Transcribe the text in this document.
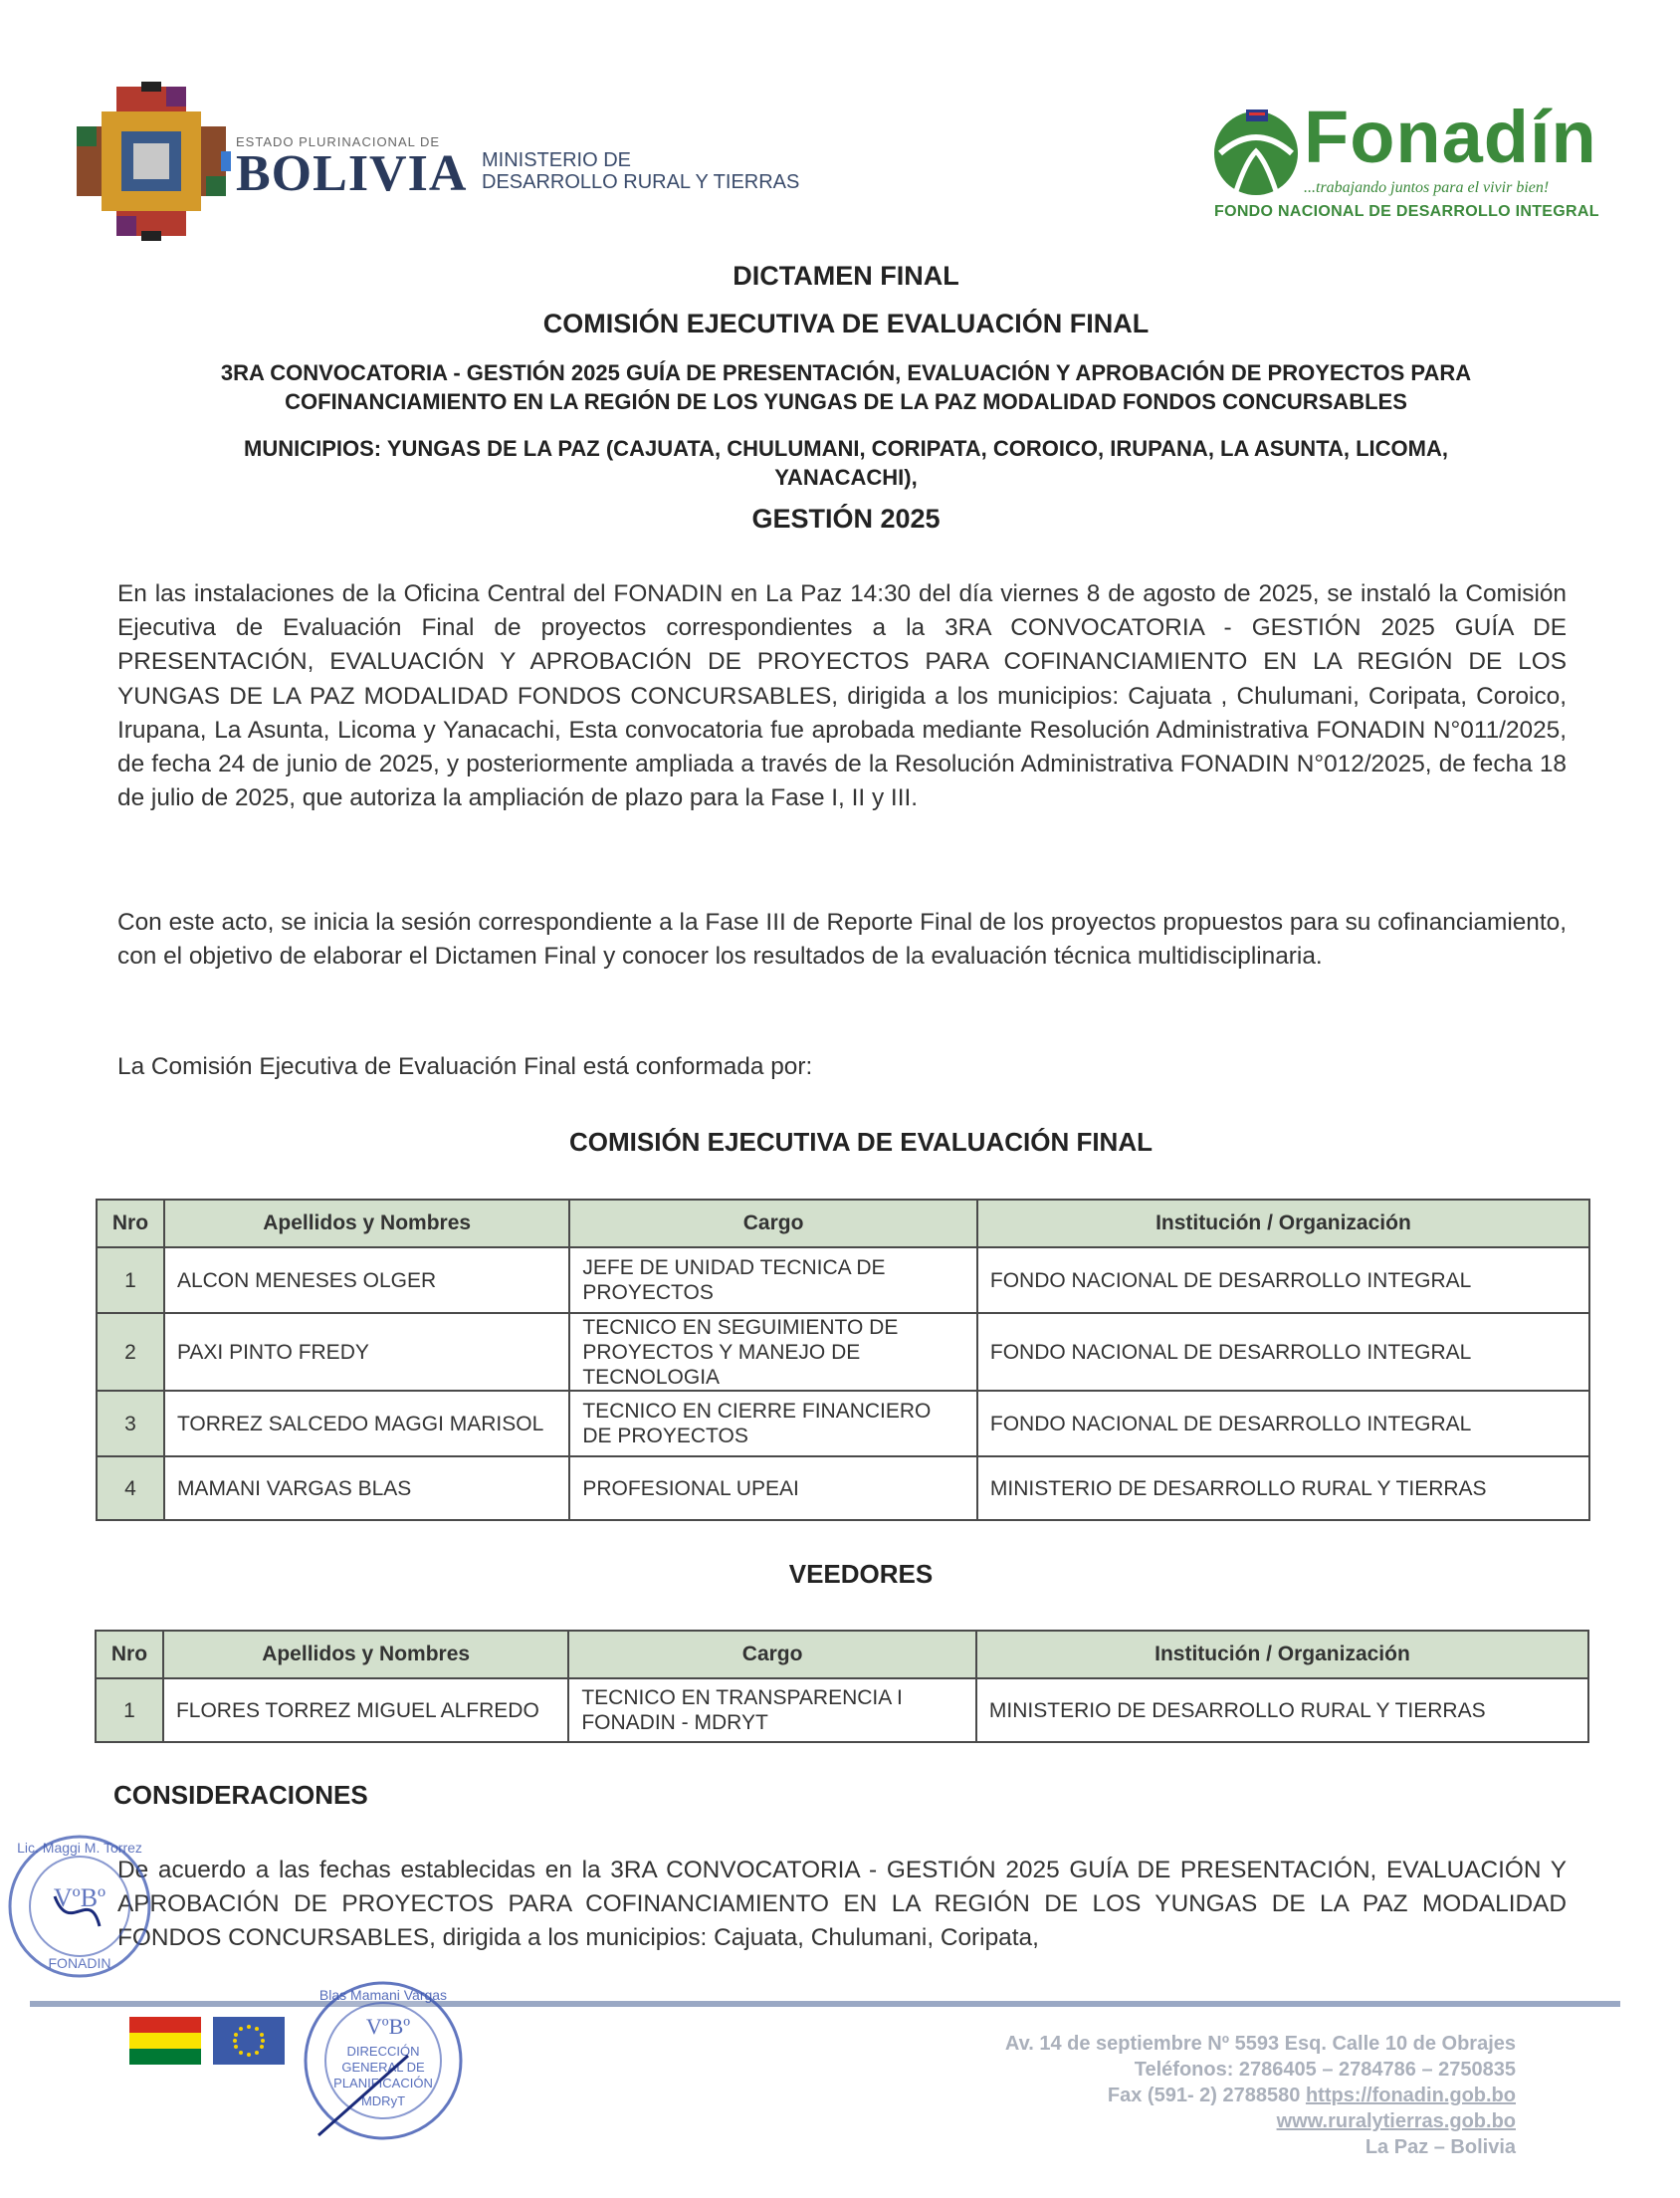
ESTADO PLURINACIONAL DE
BOLIVIA MINISTERIO DE
DESARROLLO RURAL Y TIERRAS
Fonadín
...trabajando juntos para el vivir bien!
FONDO NACIONAL DE DESARROLLO INTEGRAL
DICTAMEN FINAL
COMISIÓN EJECUTIVA DE EVALUACIÓN FINAL
3RA CONVOCATORIA - GESTIÓN 2025 GUÍA DE PRESENTACIÓN, EVALUACIÓN Y APROBACIÓN DE PROYECTOS PARA
COFINANCIAMIENTO EN LA REGIÓN DE LOS YUNGAS DE LA PAZ MODALIDAD FONDOS CONCURSABLES
MUNICIPIOS: YUNGAS DE LA PAZ (CAJUATA, CHULUMANI, CORIPATA, COROICO, IRUPANA, LA ASUNTA, LICOMA,
YANACACHI),
GESTIÓN 2025
En las instalaciones de la Oficina Central del FONADIN en La Paz 14:30 del día viernes 8 de agosto de 2025, se instaló la Comisión Ejecutiva de Evaluación Final de proyectos correspondientes a la 3RA CONVOCATORIA - GESTIÓN 2025 GUÍA DE PRESENTACIÓN, EVALUACIÓN Y APROBACIÓN DE PROYECTOS PARA COFINANCIAMIENTO EN LA REGIÓN DE LOS YUNGAS DE LA PAZ MODALIDAD FONDOS CONCURSABLES, dirigida a los municipios: Cajuata , Chulumani, Coripata, Coroico, Irupana, La Asunta, Licoma y Yanacachi, Esta convocatoria fue aprobada mediante Resolución Administrativa FONADIN N°011/2025, de fecha 24 de junio de 2025, y posteriormente ampliada a través de la Resolución Administrativa FONADIN N°012/2025, de fecha 18 de julio de 2025, que autoriza la ampliación de plazo para la Fase I, II y III.
Con este acto, se inicia la sesión correspondiente a la Fase III de Reporte Final de los proyectos propuestos para su cofinanciamiento, con el objetivo de elaborar el Dictamen Final y conocer los resultados de la evaluación técnica multidisciplinaria.
La Comisión Ejecutiva de Evaluación Final está conformada por:
COMISIÓN EJECUTIVA DE EVALUACIÓN FINAL
Nro	Apellidos y Nombres	Cargo	Institución / Organización
1	ALCON MENESES OLGER	JEFE DE UNIDAD TECNICA DE PROYECTOS	FONDO NACIONAL DE DESARROLLO INTEGRAL
2	PAXI PINTO FREDY	TECNICO EN SEGUIMIENTO DE PROYECTOS Y MANEJO DE TECNOLOGIA	FONDO NACIONAL DE DESARROLLO INTEGRAL
3	TORREZ SALCEDO MAGGI MARISOL	TECNICO EN CIERRE FINANCIERO DE PROYECTOS	FONDO NACIONAL DE DESARROLLO INTEGRAL
4	MAMANI VARGAS BLAS	PROFESIONAL UPEAI	MINISTERIO DE DESARROLLO RURAL Y TIERRAS
VEEDORES
Nro	Apellidos y Nombres	Cargo	Institución / Organización
1	FLORES TORREZ MIGUEL ALFREDO	TECNICO EN TRANSPARENCIA I FONADIN - MDRYT	MINISTERIO DE DESARROLLO RURAL Y TIERRAS
CONSIDERACIONES
De acuerdo a las fechas establecidas en la 3RA CONVOCATORIA - GESTIÓN 2025 GUÍA DE PRESENTACIÓN, EVALUACIÓN Y APROBACIÓN DE PROYECTOS PARA COFINANCIAMIENTO EN LA REGIÓN DE LOS YUNGAS DE LA PAZ MODALIDAD FONDOS CONCURSABLES, dirigida a los municipios: Cajuata, Chulumani, Coripata,
Lic. Maggi M. Torrez
VºBº
FONADIN
Blas Mamani Vargas
VºBº
DIRECCIÓN
GENERAL DE
PLANIFICACIÓN
MDRyT
Av. 14 de septiembre Nº 5593 Esq. Calle 10 de Obrajes
Teléfonos: 2786405 – 2784786 – 2750835
Fax (591- 2) 2788580 https://fonadin.gob.bo
www.ruralytierras.gob.bo
La Paz – Bolivia
